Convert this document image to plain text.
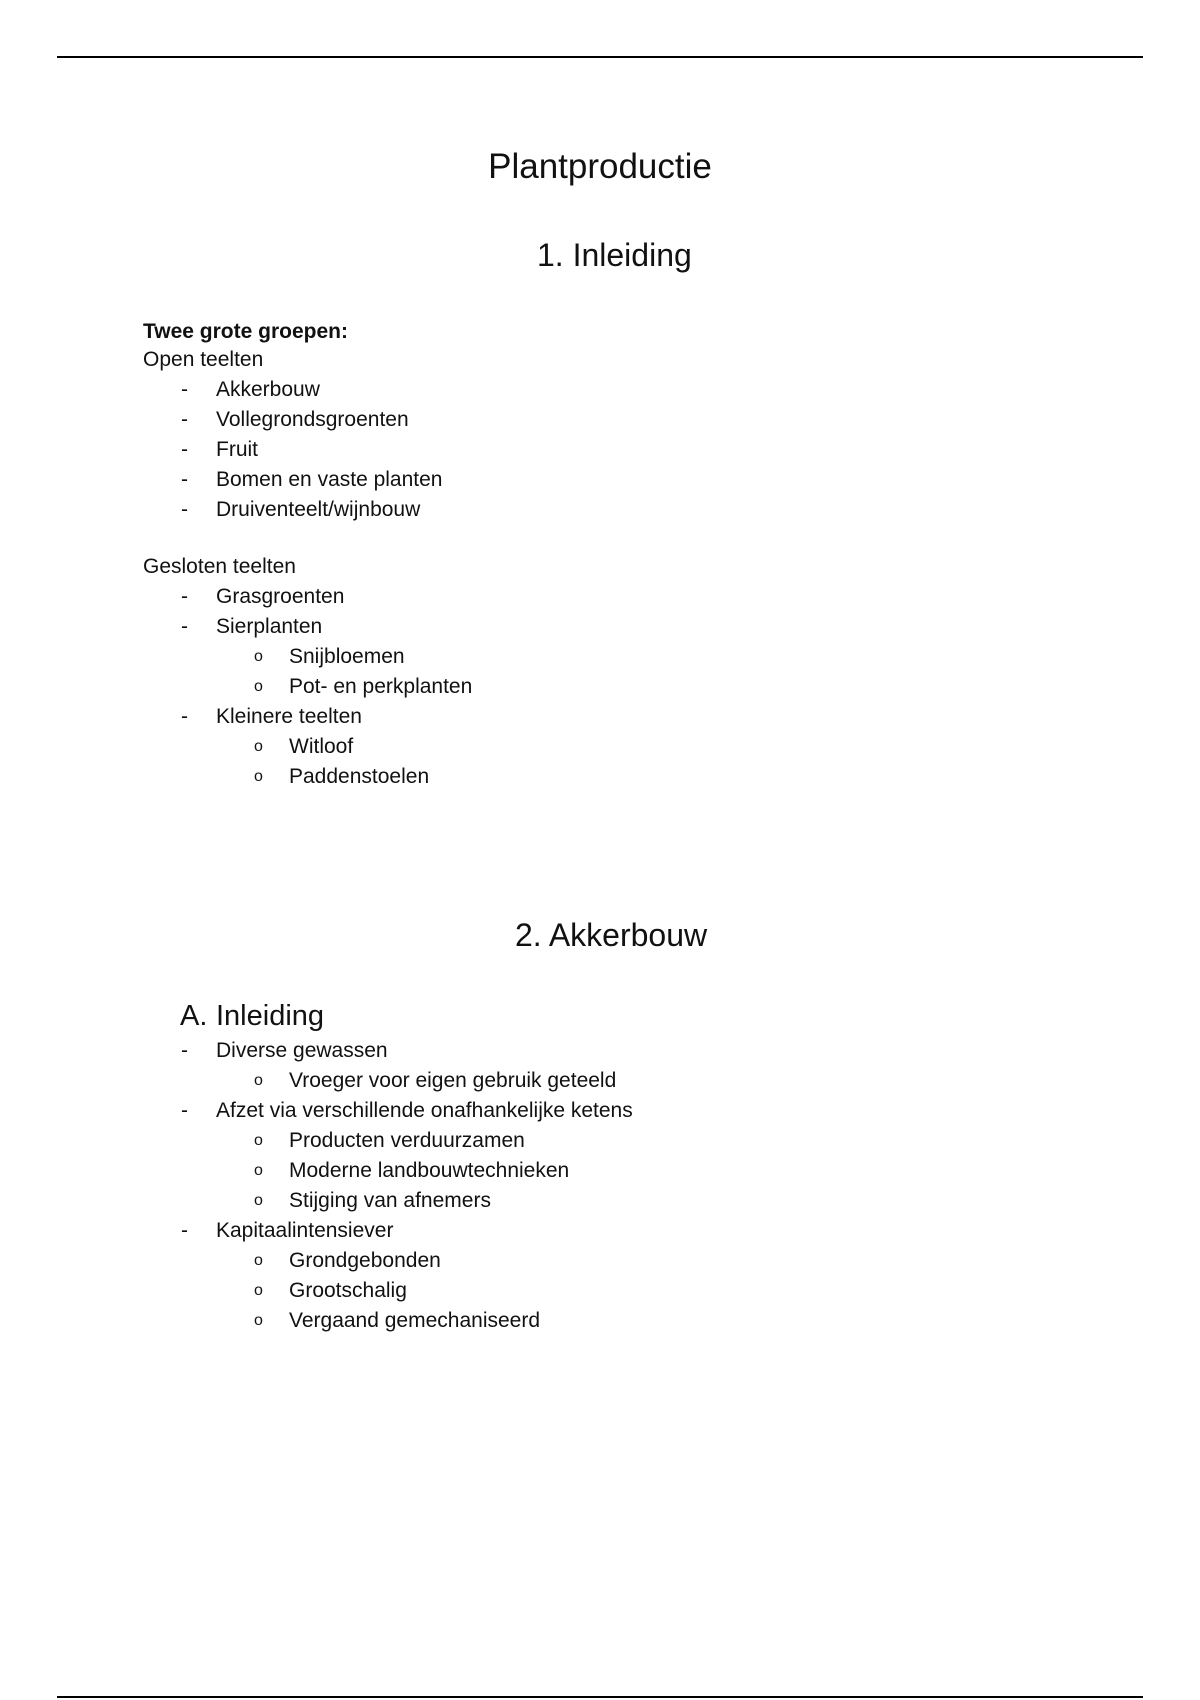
Plantproductie
1. Inleiding
Twee grote groepen:
Open teelten
- Akkerbouw
- Vollegrondsgroenten
- Fruit
- Bomen en vaste planten
- Druiventeelt/wijnbouw
Gesloten teelten
- Grasgroenten
- Sierplanten
o Snijbloemen
o Pot- en perkplanten
- Kleinere teelten
o Witloof
o Paddenstoelen
2. Akkerbouw
A. Inleiding
- Diverse gewassen
o Vroeger voor eigen gebruik geteeld
- Afzet via verschillende onafhankelijke ketens
o Producten verduurzamen
o Moderne landbouwtechnieken
o Stijging van afnemers
- Kapitaalintensiever
o Grondgebonden
o Grootschalig
o Vergaand gemechaniseerd
